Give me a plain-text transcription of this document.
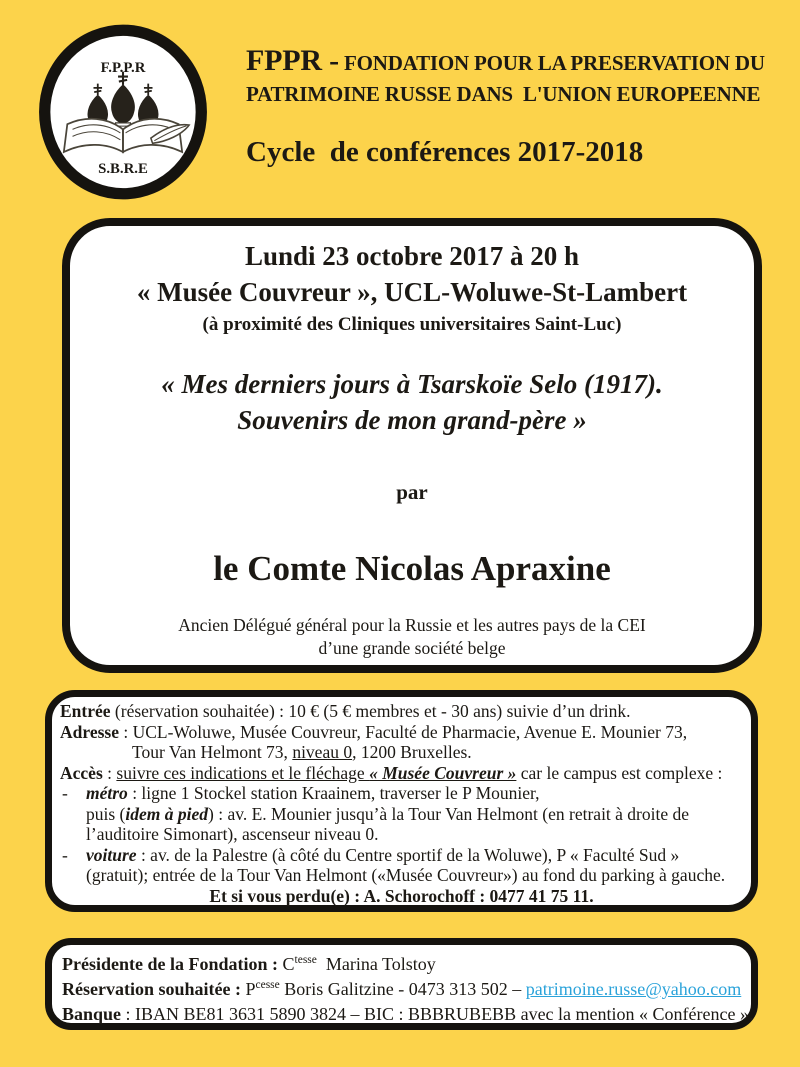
F.P.P.R
S.B.R.E
FPPR - FONDATION POUR LA PRESERVATION DU
PATRIMOINE RUSSE DANS  L'UNION EUROPEENNE
Cycle  de conférences 2017-2018
Lundi 23 octobre 2017 à 20 h
« Musée Couvreur », UCL-Woluwe-St-Lambert
(à proximité des Cliniques universitaires Saint-Luc)
« Mes derniers jours à Tsarskoïe Selo (1917).
Souvenirs de mon grand-père »
par
le Comte Nicolas Apraxine
Ancien Délégué général pour la Russie et les autres pays de la CEI
d’une grande société belge
Entrée (réservation souhaitée) : 10 € (5 € membres et - 30 ans) suivie d’un drink.
Adresse : UCL-Woluwe, Musée Couvreur, Faculté de Pharmacie, Avenue E. Mounier 73,
Tour Van Helmont 73, niveau 0, 1200 Bruxelles.
Accès : suivre ces indications et le fléchage « Musée Couvreur » car le campus est complexe :
-	métro : ligne 1 Stockel station Kraainem, traverser le P Mounier,
puis (idem à pied) : av. E. Mounier jusqu’à la Tour Van Helmont (en retrait à droite de
l’auditoire Simonart), ascenseur niveau 0.
-	voiture : av. de la Palestre (à côté du Centre sportif de la Woluwe), P « Faculté Sud »
(gratuit); entrée de la Tour Van Helmont («Musée Couvreur») au fond du parking à gauche.
Et si vous perdu(e) : A. Schorochoff : 0477 41 75 11.
Présidente de la Fondation : $C^{tesse}$  Marina Tolstoy
Réservation souhaitée : $P^{cesse}$ Boris Galitzine - 0473 313 502 – patrimoine.russe@yahoo.com
Banque : IBAN BE81 3631 5890 3824 – BIC : BBBRUBEBB avec la mention « Conférence ».
